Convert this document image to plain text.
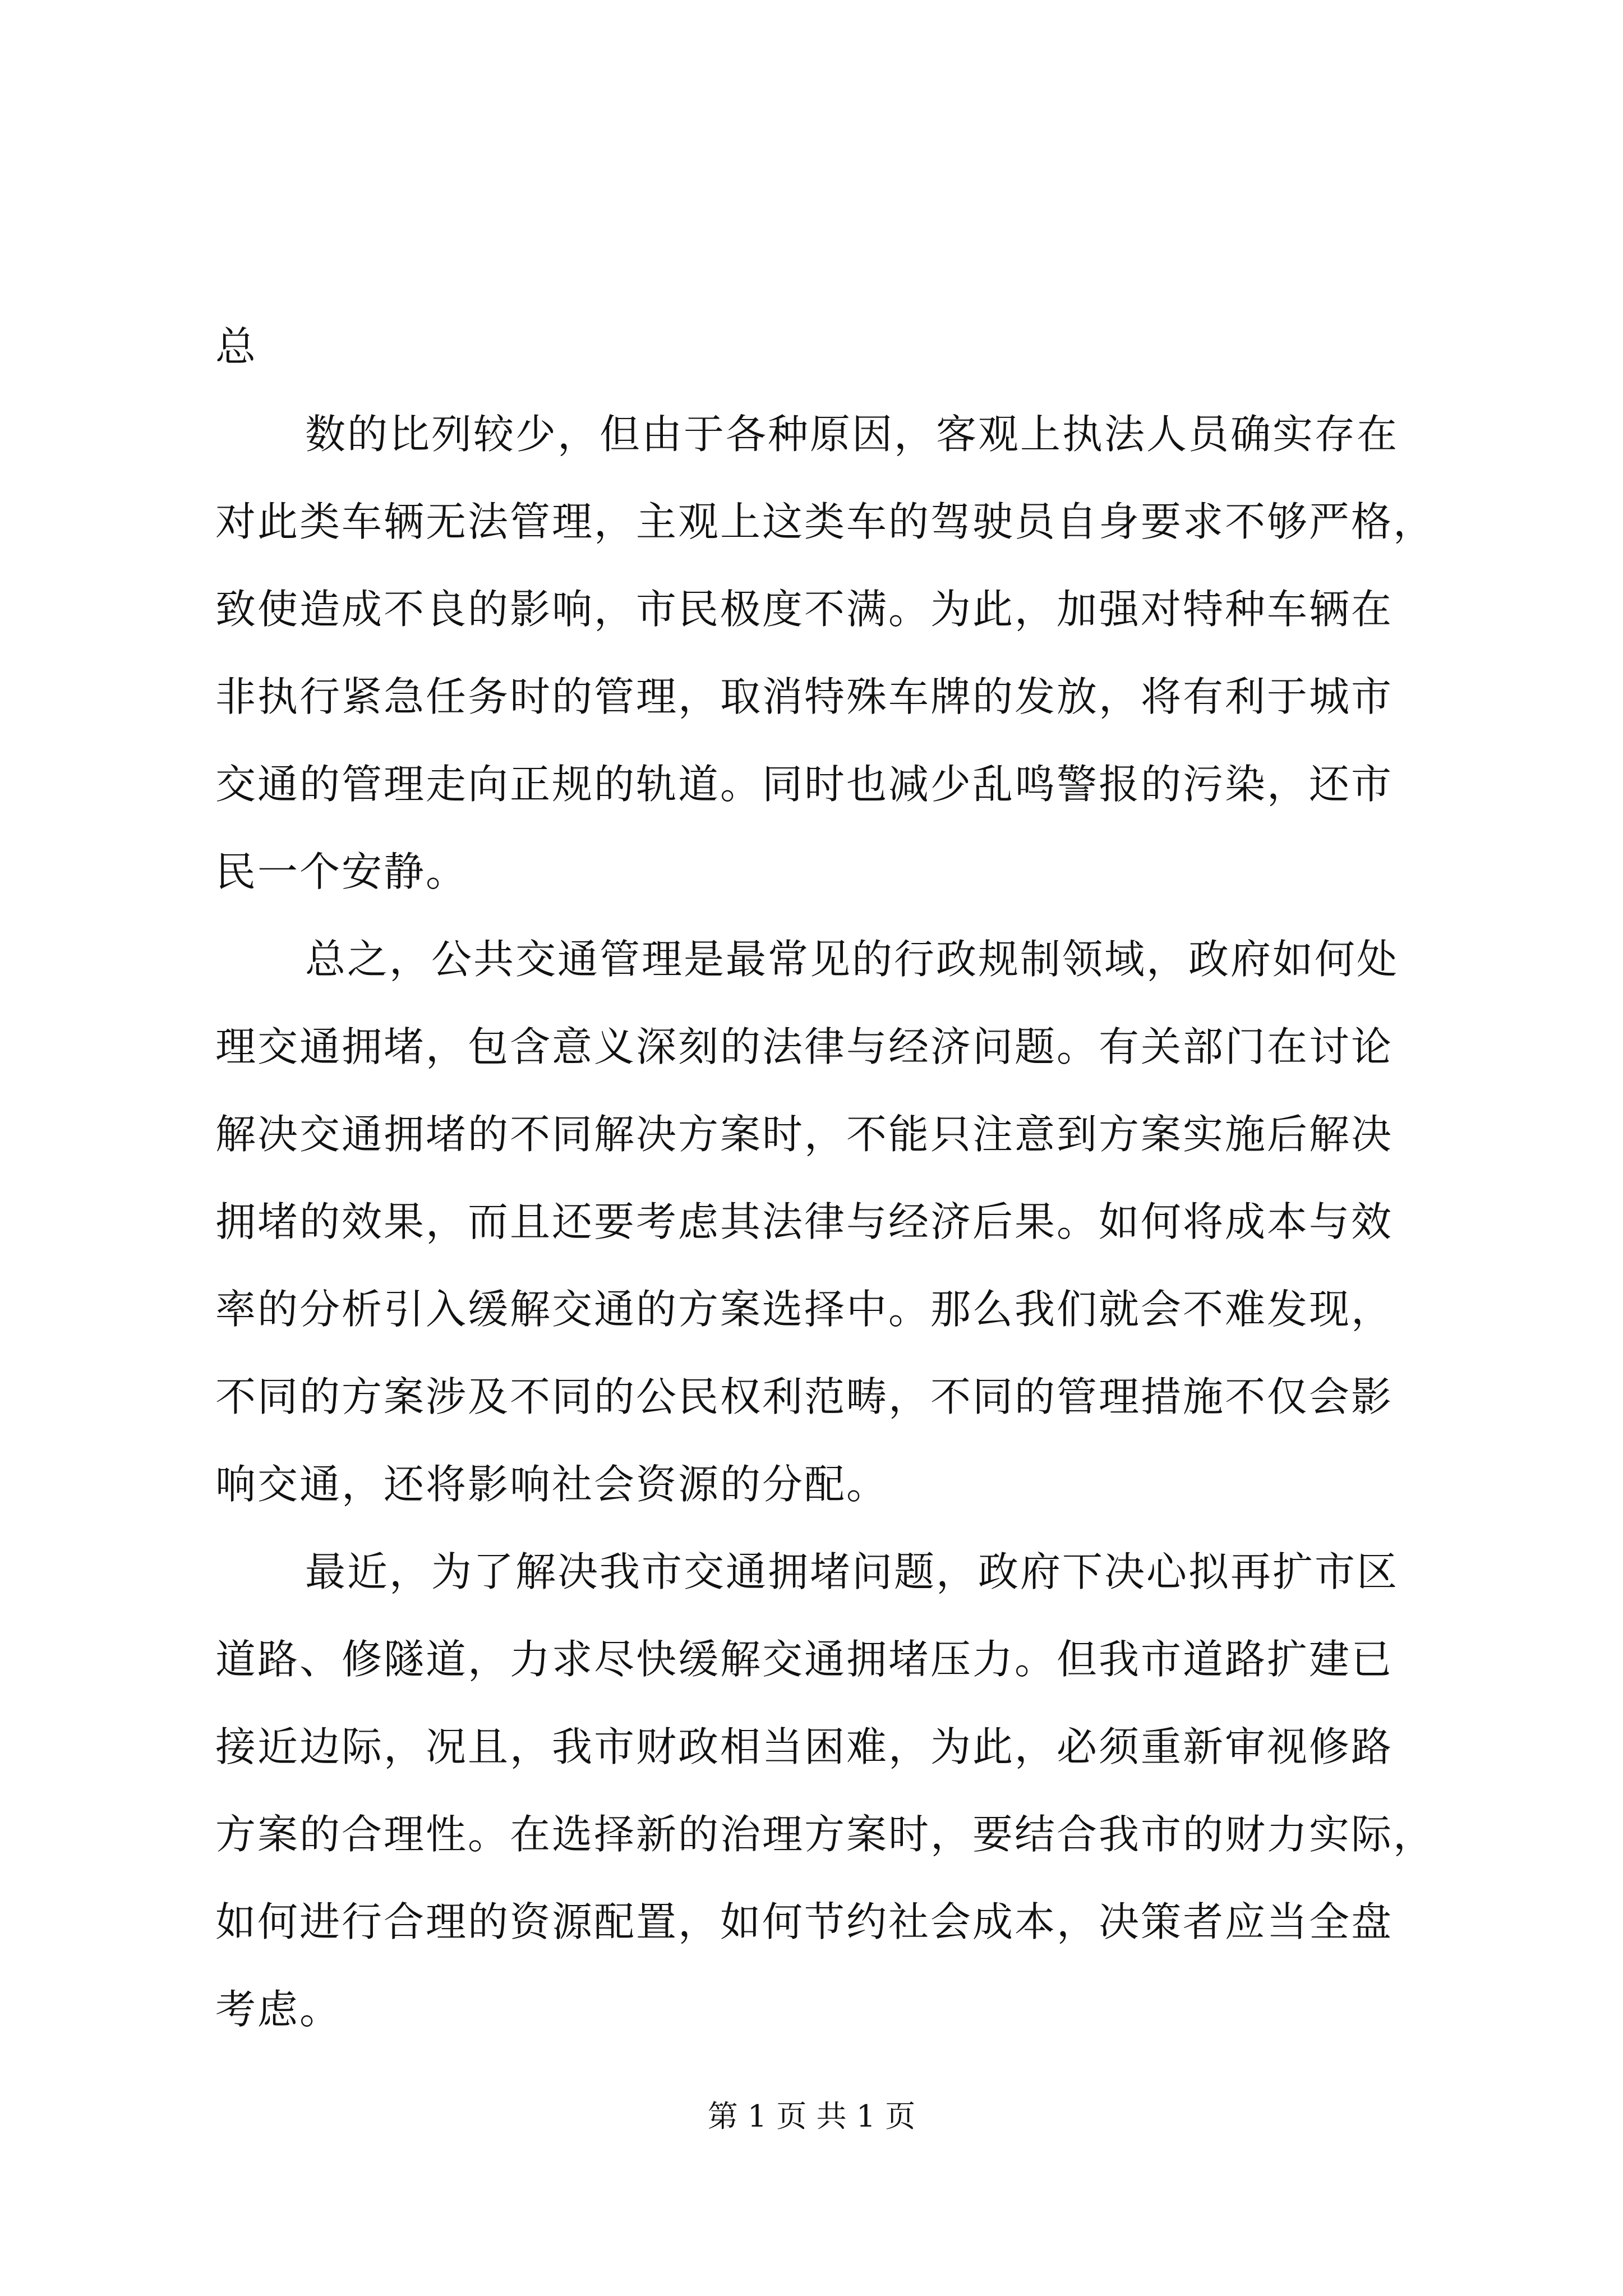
总
数的比列较少，但由于各种原因，客观上执法人员确实存在
对此类车辆无法管理，主观上这类车的驾驶员自身要求不够严格，
致使造成不良的影响，市民极度不满。为此，加强对特种车辆在
非执行紧急任务时的管理，取消特殊车牌的发放，将有利于城市
交通的管理走向正规的轨道。同时也减少乱鸣警报的污染，还市
民一个安静。
总之，公共交通管理是最常见的行政规制领域，政府如何处
理交通拥堵，包含意义深刻的法律与经济问题。有关部门在讨论
解决交通拥堵的不同解决方案时，不能只注意到方案实施后解决
拥堵的效果，而且还要考虑其法律与经济后果。如何将成本与效
率的分析引入缓解交通的方案选择中。那么我们就会不难发现，
不同的方案涉及不同的公民权利范畴，不同的管理措施不仅会影
响交通，还将影响社会资源的分配。
最近，为了解决我市交通拥堵问题，政府下决心拟再扩市区
道路、修隧道，力求尽快缓解交通拥堵压力。但我市道路扩建已
接近边际，况且，我市财政相当困难，为此，必须重新审视修路
方案的合理性。在选择新的治理方案时，要结合我市的财力实际，
如何进行合理的资源配置，如何节约社会成本，决策者应当全盘
考虑。
第 1 页 共 1 页
